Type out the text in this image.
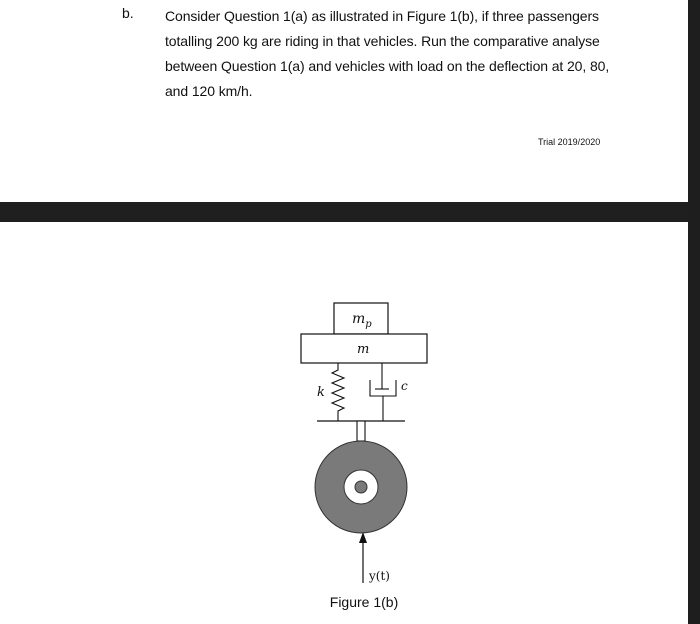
b. Consider Question 1(a) as illustrated in Figure 1(b), if three passengers
totalling 200 kg are riding in that vehicles. Run the comparative analyse
between Question 1(a) and vehicles with load on the deflection at 20, 80,
and 120 km/h.
Trial 2019/2020
$m_p$
m
k	c
y(t)
Figure 1(b)
